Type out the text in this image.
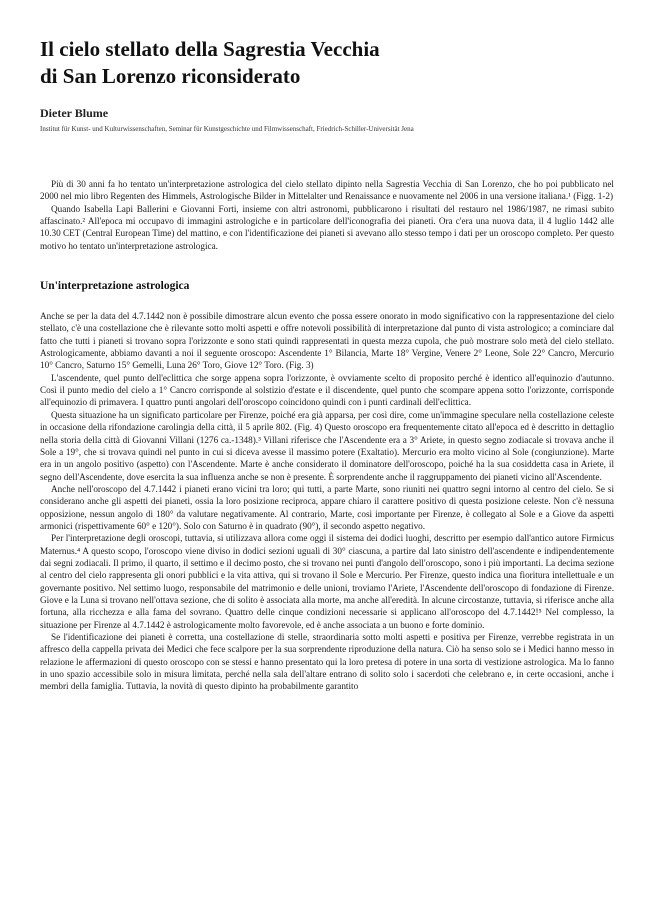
Il cielo stellato della Sagrestia Vecchia
di San Lorenzo riconsiderato
Dieter Blume
Institut für Kunst- und Kulturwissenschaften, Seminar für Kunstgeschichte und Filmwissenschaft, Friedrich-Schiller-Universität Jena

Più di 30 anni fa ho tentato un'interpretazione astrologica del cielo stellato dipinto nella Sagrestia Vecchia di San Lorenzo, che ho poi pubblicato nel 2000 nel mio libro Regenten des Himmels, Astrologische Bilder in Mittelalter und Renaissance e nuovamente nel 2006 in una versione italiana.¹ (Figg. 1-2)

Quando Isabella Lapi Ballerini e Giovanni Forti, insieme con altri astronomi, pubblicarono i risultati del restauro nel 1986/1987, ne rimasi subito affascinato.² All'epoca mi occupavo di immagini astrologiche e in particolare dell'iconografia dei pianeti. Ora c'era una nuova data, il 4 luglio 1442 alle 10.30 CET (Central European Time) del mattino, e con l'identificazione dei pianeti si avevano allo stesso tempo i dati per un oroscopo completo. Per questo motivo ho tentato un'interpretazione astrologica.

Un'interpretazione astrologica

Anche se per la data del 4.7.1442 non è possibile dimostrare alcun evento che possa essere onorato in modo significativo con la rappresentazione del cielo stellato, c'è una costellazione che è rilevante sotto molti aspetti e offre notevoli possibilità di interpretazione dal punto di vista astrologico; a cominciare dal fatto che tutti i pianeti si trovano sopra l'orizzonte e sono stati quindi rappresentati in questa mezza cupola, che può mostrare solo metà del cielo stellato. Astrologicamente, abbiamo davanti a noi il seguente oroscopo: Ascendente 1° Bilancia, Marte 18° Vergine, Venere 2° Leone, Sole 22° Cancro, Mercurio 10° Cancro, Saturno 15° Gemelli, Luna 26° Toro, Giove 12° Toro. (Fig. 3)

L'ascendente, quel punto dell'eclittica che sorge appena sopra l'orizzonte, è ovviamente scelto di proposito perché è identico all'equinozio d'autunno. Così il punto medio del cielo a 1° Cancro corrisponde al solstizio d'estate e il discendente, quel punto che scompare appena sotto l'orizzonte, corrisponde all'equinozio di primavera. I quattro punti angolari dell'oroscopo coincidono quindi con i punti cardinali dell'eclittica.

Questa situazione ha un significato particolare per Firenze, poiché era già apparsa, per così dire, come un'immagine speculare nella costellazione celeste in occasione della rifondazione carolingia della città, il 5 aprile 802. (Fig. 4) Questo oroscopo era frequentemente citato all'epoca ed è descritto in dettaglio nella storia della città di Giovanni Villani (1276 ca.-1348).³ Villani riferisce che l'Ascendente era a 3° Ariete, in questo segno zodiacale si trovava anche il Sole a 19°, che si trovava quindi nel punto in cui si diceva avesse il massimo potere (Exaltatio). Mercurio era molto vicino al Sole (congiunzione). Marte era in un angolo positivo (aspetto) con l'Ascendente. Marte è anche considerato il dominatore dell'oroscopo, poiché ha la sua cosiddetta casa in Ariete, il segno dell'Ascendente, dove esercita la sua influenza anche se non è presente. È sorprendente anche il raggruppamento dei pianeti vicino all'Ascendente.

Anche nell'oroscopo del 4.7.1442 i pianeti erano vicini tra loro; qui tutti, a parte Marte, sono riuniti nei quattro segni intorno al centro del cielo. Se si considerano anche gli aspetti dei pianeti, ossia la loro posizione reciproca, appare chiaro il carattere positivo di questa posizione celeste. Non c'è nessuna opposizione, nessun angolo di 180° da valutare negativamente. Al contrario, Marte, così importante per Firenze, è collegato al Sole e a Giove da aspetti armonici (rispettivamente 60° e 120°). Solo con Saturno è in quadrato (90°), il secondo aspetto negativo.

Per l'interpretazione degli oroscopi, tuttavia, si utilizzava allora come oggi il sistema dei dodici luoghi, descritto per esempio dall'antico autore Firmicus Maternus.⁴ A questo scopo, l'oroscopo viene diviso in dodici sezioni uguali di 30° ciascuna, a partire dal lato sinistro dell'ascendente e indipendentemente dai segni zodiacali. Il primo, il quarto, il settimo e il decimo posto, che si trovano nei punti d'angolo dell'oroscopo, sono i più importanti. La decima sezione al centro del cielo rappresenta gli onori pubblici e la vita attiva, qui si trovano il Sole e Mercurio. Per Firenze, questo indica una fioritura intellettuale e un governante positivo. Nel settimo luogo, responsabile del matrimonio e delle unioni, troviamo l'Ariete, l'Ascendente dell'oroscopo di fondazione di Firenze. Giove e la Luna si trovano nell'ottava sezione, che di solito è associata alla morte, ma anche all'eredità. In alcune circostanze, tuttavia, si riferisce anche alla fortuna, alla ricchezza e alla fama del sovrano. Quattro delle cinque condizioni necessarie si applicano all'oroscopo del 4.7.1442!⁵ Nel complesso, la situazione per Firenze al 4.7.1442 è astrologicamente molto favorevole, ed è anche associata a un buono e forte dominio.

Se l'identificazione dei pianeti è corretta, una costellazione di stelle, straordinaria sotto molti aspetti e positiva per Firenze, verrebbe registrata in un affresco della cappella privata dei Medici che fece scalpore per la sua sorprendente riproduzione della natura. Ciò ha senso solo se i Medici hanno messo in relazione le affermazioni di questo oroscopo con se stessi e hanno presentato qui la loro pretesa di potere in una sorta di vestizione astrologica. Ma lo fanno in uno spazio accessibile solo in misura limitata, perché nella sala dell'altare entrano di solito solo i sacerdoti che celebrano e, in certe occasioni, anche i membri della famiglia. Tuttavia, la novità di questo dipinto ha probabilmente garantito
